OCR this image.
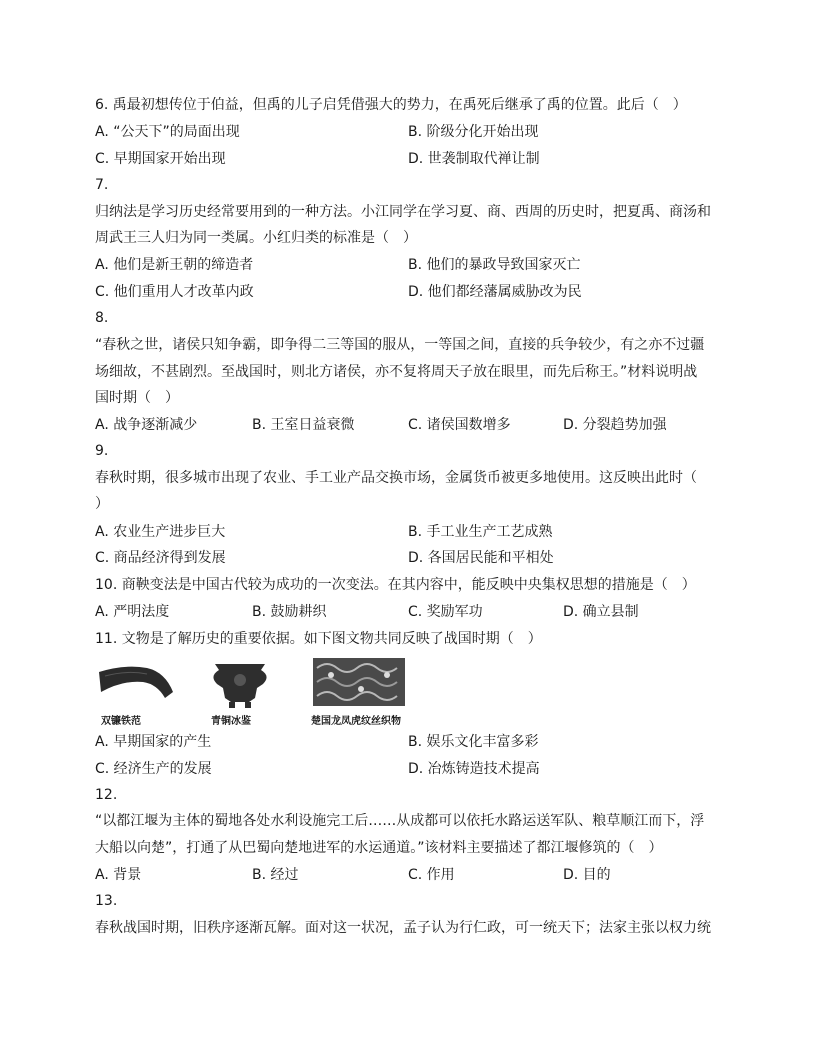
6. 禹最初想传位于伯益，但禹的儿子启凭借强大的势力，在禹死后继承了禹的位置。此后（　）
A. “公天下”的局面出现	B. 阶级分化开始出现
C. 早期国家开始出现	D. 世袭制取代禅让制
7.
归纳法是学习历史经常要用到的一种方法。小江同学在学习夏、商、西周的历史时，把夏禹、商汤和
周武王三人归为同一类属。小红归类的标准是（　）
A. 他们是新王朝的缔造者	B. 他们的暴政导致国家灭亡
C. 他们重用人才改革内政	D. 他们都经藩属威胁改为民
8.
“春秋之世，诸侯只知争霸，即争得二三等国的服从，一等国之间，直接的兵争较少，有之亦不过疆
场细故，不甚剧烈。至战国时，则北方诸侯，亦不复将周天子放在眼里，而先后称王。”材料说明战
国时期（　）
A. 战争逐渐减少	B. 王室日益衰微	C. 诸侯国数增多	D. 分裂趋势加强
9.
春秋时期，很多城市出现了农业、手工业产品交换市场，金属货币被更多地使用。这反映出此时（
）
A. 农业生产进步巨大	B. 手工业生产工艺成熟
C. 商品经济得到发展	D. 各国居民能和平相处
10. 商鞅变法是中国古代较为成功的一次变法。在其内容中，能反映中央集权思想的措施是（　）
A. 严明法度	B. 鼓励耕织	C. 奖励军功	D. 确立县制
11. 文物是了解历史的重要依据。如下图文物共同反映了战国时期（　）
双镰铁范	青铜冰鉴	楚国龙凤虎纹丝织物
A. 早期国家的产生	B. 娱乐文化丰富多彩
C. 经济生产的发展	D. 冶炼铸造技术提高
12.
“以都江堰为主体的蜀地各处水利设施完工后……从成都可以依托水路运送军队、粮草顺江而下，浮
大船以向楚”，打通了从巴蜀向楚地进军的水运通道。”该材料主要描述了都江堰修筑的（　）
A. 背景	B. 经过	C. 作用	D. 目的
13.
春秋战国时期，旧秩序逐渐瓦解。面对这一状况，孟子认为行仁政，可一统天下；法家主张以权力统
